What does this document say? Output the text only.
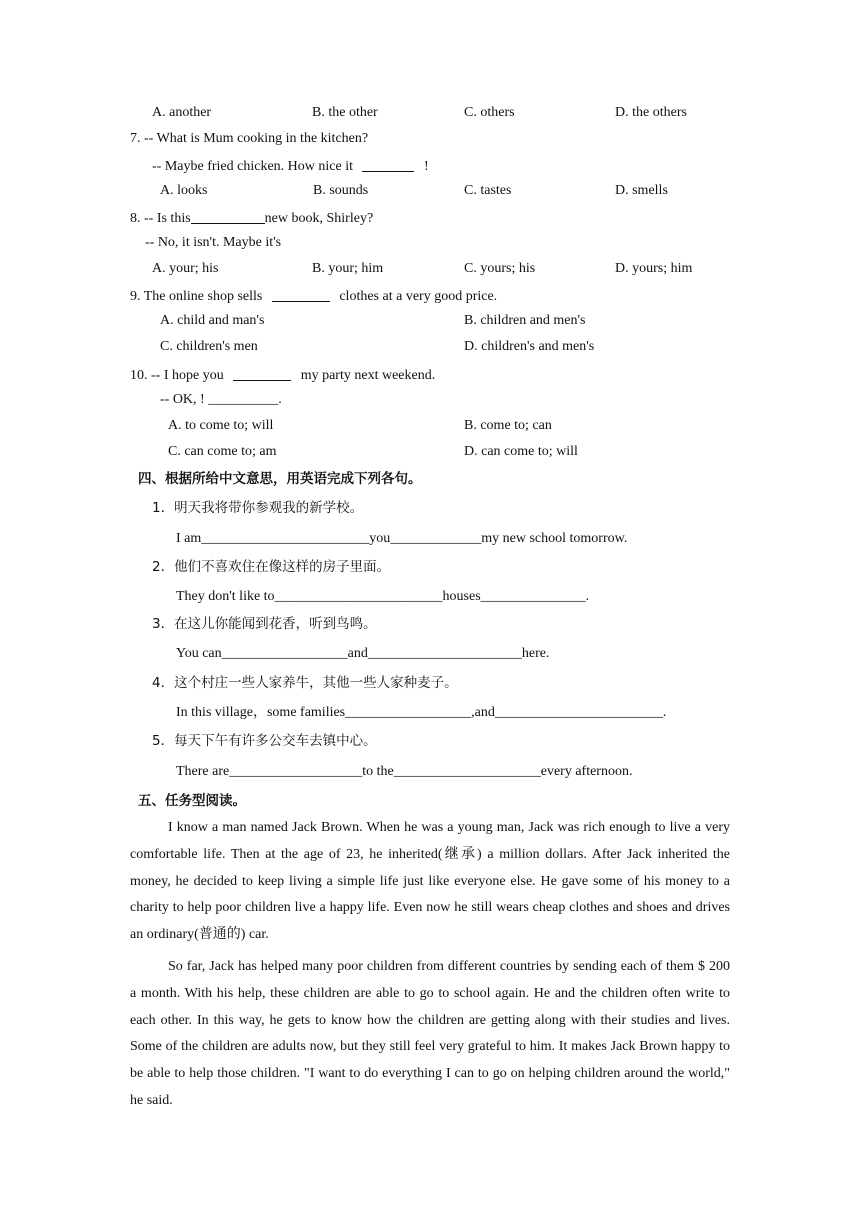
A. another	B. the other	C. others	D. the others
7. -- What is Mum cooking in the kitchen?
-- Maybe fried chicken. How nice it	!
A. looks	B. sounds	C. tastes	D. smells
8. -- Is this	new book, Shirley?
-- No, it isn't. Maybe it's
A. your; his	B. your; him	C. yours; his	D. yours; him
9. The online shop sells	clothes at a very good price.
A. child and man's	B. children and men's
C. children's men	D. children's and men's
10. -- I hope you	my party next weekend.
-- OK, ! __________.
A. to come to; will	B. come to; can
C. can come to; am	D. can come to; will
四、根据所给中文意思，用英语完成下列各句。
1．明天我将带你参观我的新学校。
I am________________________you_____________my new school tomorrow.
2．他们不喜欢住在像这样的房子里面。
They don't like to________________________houses_______________.
3．在这儿你能闻到花香，听到鸟鸣。
You can__________________and______________________here.
4．这个村庄一些人家养牛，其他一些人家种麦子。
In this village，some families__________________,and________________________.
5．每天下午有许多公交车去镇中心。
There are___________________to the_____________________every afternoon.
五、任务型阅读。

I know a man named Jack Brown. When he was a young man, Jack was rich enough to live a very comfortable life. Then at the age of 23, he inherited(继承) a million dollars. After Jack inherited the money, he decided to keep living a simple life just like everyone else. He gave some of his money to a charity to help poor children live a happy life. Even now he still wears cheap clothes and shoes and drives an ordinary(普通的) car.

So far, Jack has helped many poor children from different countries by sending each of them $ 200 a month. With his help, these children are able to go to school again. He and the children often write to each other. In this way, he gets to know how the children are getting along with their studies and lives. Some of the children are adults now, but they still feel very grateful to him. It makes Jack Brown happy to be able to help those children. "I want to do everything I can to go on helping children around the world," he said.
